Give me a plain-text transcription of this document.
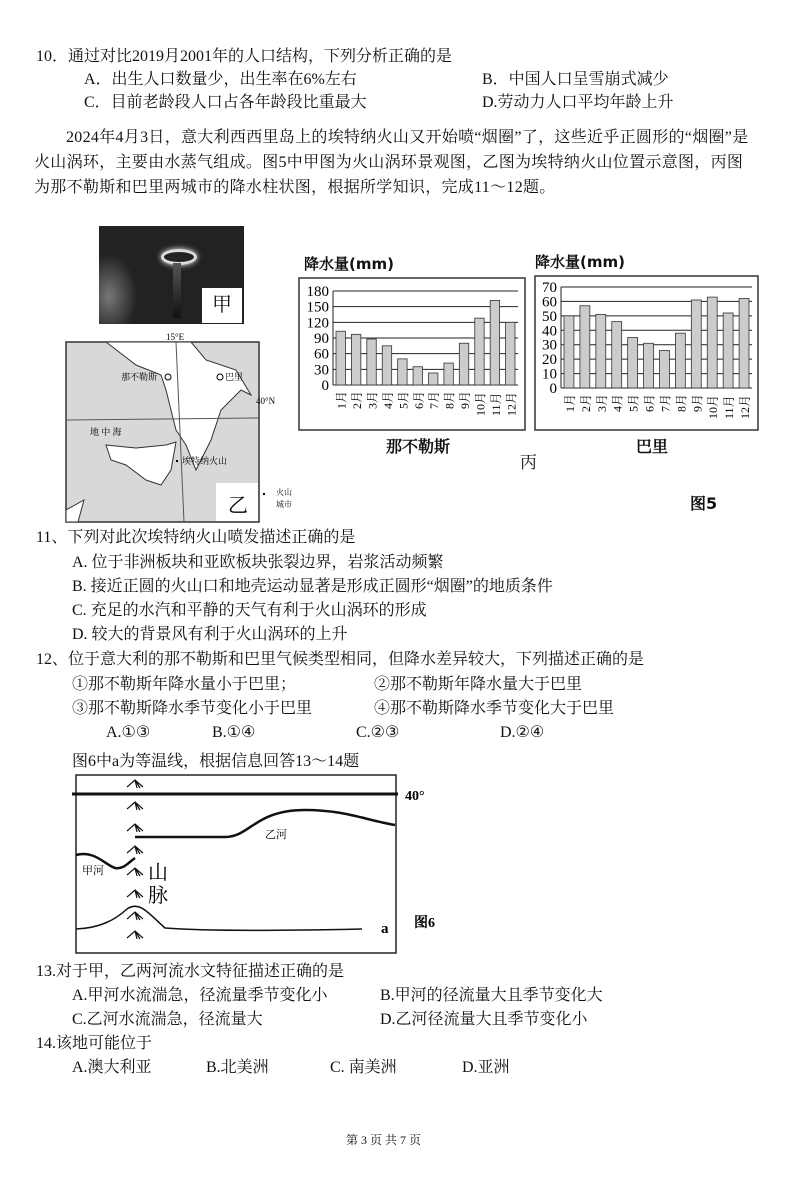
10．通过对比2019月2001年的人口结构，下列分析正确的是
A．出生人口数量少，出生率在6%左右	B．中国人口呈雪崩式减少
C．目前老龄段人口占各年龄段比重最大	D.劳动力人口平均年龄上升
2024年4月3日，意大利西西里岛上的埃特纳火山又开始喷“烟圈”了，这些近乎正圆形的“烟圈”是火山涡环，主要由水蒸气组成。图5中甲图为火山涡环景观图，乙图为埃特纳火山位置示意图，丙图为那不勒斯和巴里两城市的降水柱状图，根据所学知识，完成11～12题。
甲
15°E
40°N
那不勒斯	巴里
地 中 海
埃特纳火山
乙
火山
城市
降水量(mm)	降水量(mm)
0
30
60
90
120
150
180
1月 2月 3月 4月 5月 6月 7月 8月 9月 10月 11月 12月
0
10
20
30
40
50
60
70
1月 2月 3月 4月 5月 6月 7月 8月 9月 10月 11月 12月
那不勒斯	巴里
丙
图5
11、下列对此次埃特纳火山喷发描述正确的是
A. 位于非洲板块和亚欧板块张裂边界，岩浆活动频繁
B. 接近正圆的火山口和地壳运动显著是形成正圆形“烟圈”的地质条件
C. 充足的水汽和平静的天气有利于火山涡环的形成
D. 较大的背景风有利于火山涡环的上升
12、位于意大利的那不勒斯和巴里气候类型相同，但降水差异较大，下列描述正确的是
①那不勒斯年降水量小于巴里；	②那不勒斯年降水量大于巴里
③那不勒斯降水季节变化小于巴里	④那不勒斯降水季节变化大于巴里
A.①③	B.①④	C.②③	D.②④
图6中a为等温线，根据信息回答13～14题
乙河
甲河 山
脉
a
40°
图6
13.对于甲，乙两河流水文特征描述正确的是
A.甲河水流湍急，径流量季节变化小	B.甲河的径流量大且季节变化大
C.乙河水流湍急，径流量大	D.乙河径流量大且季节变化小
14.该地可能位于
A.澳大利亚	B.北美洲	C. 南美洲	D.亚洲
第 3 页 共 7 页
